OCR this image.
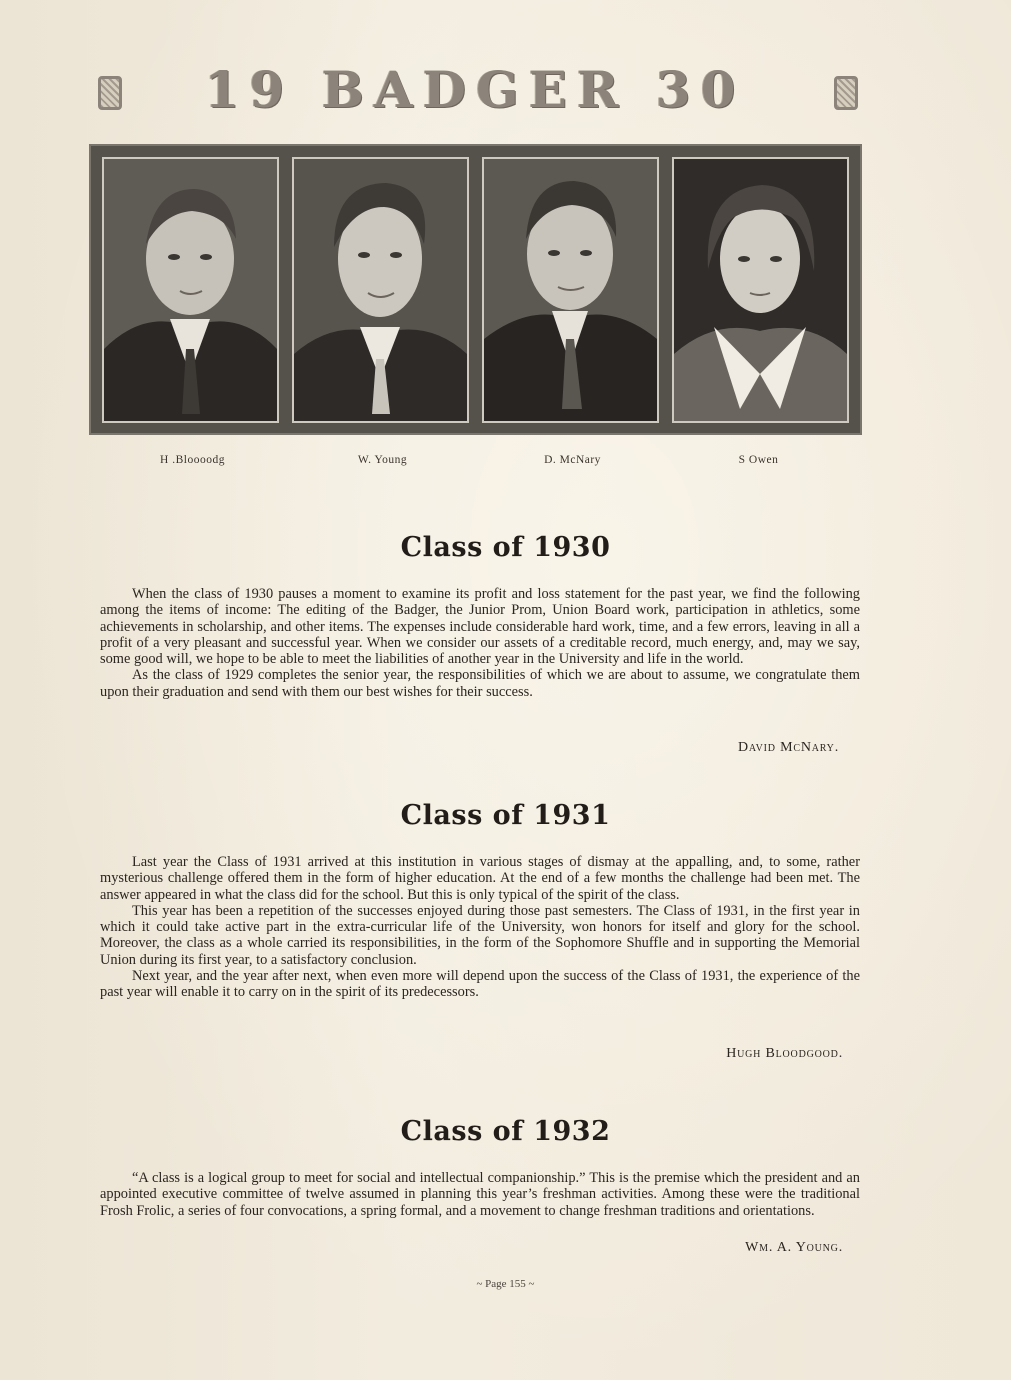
19 BADGER 30
H .Bloooodg	W. Young	D. McNary	S Owen
Class of 1930

When the class of 1930 pauses a moment to examine its profit and loss statement for the past year, we find the following among the items of income: The editing of the Badger, the Junior Prom, Union Board work, participation in athletics, some achievements in scholarship, and other items. The expenses include considerable hard work, time, and a few errors, leaving in all a profit of a very pleasant and successful year. When we consider our assets of a creditable record, much energy, and, may we say, some good will, we hope to be able to meet the liabilities of another year in the University and life in the world.

As the class of 1929 completes the senior year, the responsibilities of which we are about to assume, we congratulate them upon their graduation and send with them our best wishes for their success.

David McNary.
Class of 1931

Last year the Class of 1931 arrived at this institution in various stages of dismay at the appalling, and, to some, rather mysterious challenge offered them in the form of higher education. At the end of a few months the challenge had been met. The answer appeared in what the class did for the school. But this is only typical of the spirit of the class.

This year has been a repetition of the successes enjoyed during those past semesters. The Class of 1931, in the first year in which it could take active part in the extra-curricular life of the University, won honors for itself and glory for the school. Moreover, the class as a whole carried its responsibilities, in the form of the Sophomore Shuffle and in supporting the Memorial Union during its first year, to a satisfactory conclusion.

Next year, and the year after next, when even more will depend upon the success of the Class of 1931, the experience of the past year will enable it to carry on in the spirit of its predecessors.

Hugh Bloodgood.
Class of 1932

“A class is a logical group to meet for social and intellectual companionship.” This is the premise which the president and an appointed executive committee of twelve assumed in planning this year’s freshman activities. Among these were the traditional Frosh Frolic, a series of four convocations, a spring formal, and a movement to change freshman traditions and orientations.

Wm. A. Young.
~ Page 155 ~
